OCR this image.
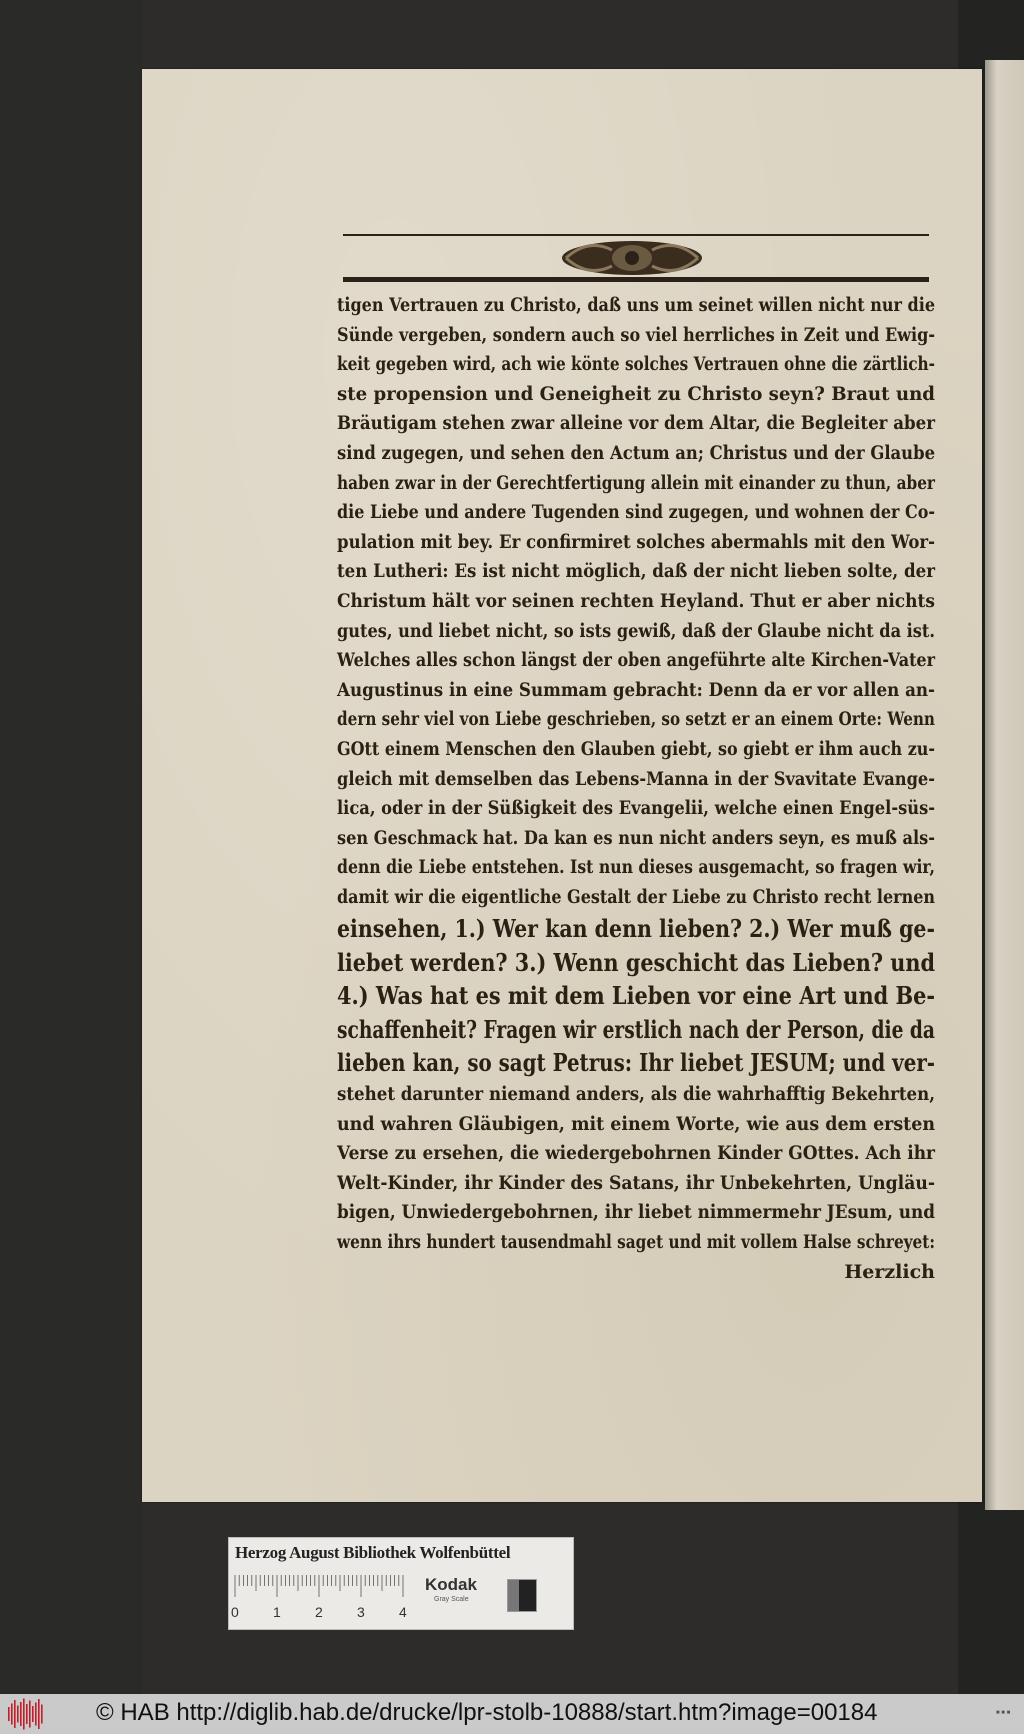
tigen Vertrauen zu Christo, daß uns um seinet willen nicht nur die
Sünde vergeben, sondern auch so viel herrliches in Zeit und Ewig-
keit gegeben wird, ach wie könte solches Vertrauen ohne die zärtlich-
ste propension und Geneigheit zu Christo seyn? Braut und
Bräutigam stehen zwar alleine vor dem Altar, die Begleiter aber
sind zugegen, und sehen den Actum an; Christus und der Glaube
haben zwar in der Gerechtfertigung allein mit einander zu thun, aber
die Liebe und andere Tugenden sind zugegen, und wohnen der Co-
pulation mit bey. Er confirmiret solches abermahls mit den Wor-
ten Lutheri: Es ist nicht möglich, daß der nicht lieben solte, der
Christum hält vor seinen rechten Heyland. Thut er aber nichts
gutes, und liebet nicht, so ists gewiß, daß der Glaube nicht da ist.
Welches alles schon längst der oben angeführte alte Kirchen-Vater
Augustinus in eine Summam gebracht: Denn da er vor allen an-
dern sehr viel von Liebe geschrieben, so setzt er an einem Orte: Wenn
GOtt einem Menschen den Glauben giebt, so giebt er ihm auch zu-
gleich mit demselben das Lebens-Manna in der Svavitate Evange-
lica, oder in der Süßigkeit des Evangelii, welche einen Engel-süs-
sen Geschmack hat. Da kan es nun nicht anders seyn, es muß als-
denn die Liebe entstehen. Ist nun dieses ausgemacht, so fragen wir,
damit wir die eigentliche Gestalt der Liebe zu Christo recht lernen
einsehen, 1.) Wer kan denn lieben? 2.) Wer muß ge-
liebet werden? 3.) Wenn geschicht das Lieben? und
4.) Was hat es mit dem Lieben vor eine Art und Be-
schaffenheit? Fragen wir erstlich nach der Person, die da
lieben kan, so sagt Petrus: Ihr liebet JESUM; und ver-
stehet darunter niemand anders, als die wahrhafftig Bekehrten,
und wahren Gläubigen, mit einem Worte, wie aus dem ersten
Verse zu ersehen, die wiedergebohrnen Kinder GOttes. Ach ihr
Welt-Kinder, ihr Kinder des Satans, ihr Unbekehrten, Ungläu-
bigen, Unwiedergebohrnen, ihr liebet nimmermehr JEsum, und
wenn ihrs hundert tausendmahl saget und mit vollem Halse schreyet:
Herzlich
Herzog August Bibliothek Wolfenbüttel
0 1 2 3 4
Kodak
Gray Scale
© HAB http://diglib.hab.de/drucke/lpr-stolb-10888/start.htm?image=00184	■ ■ ■
